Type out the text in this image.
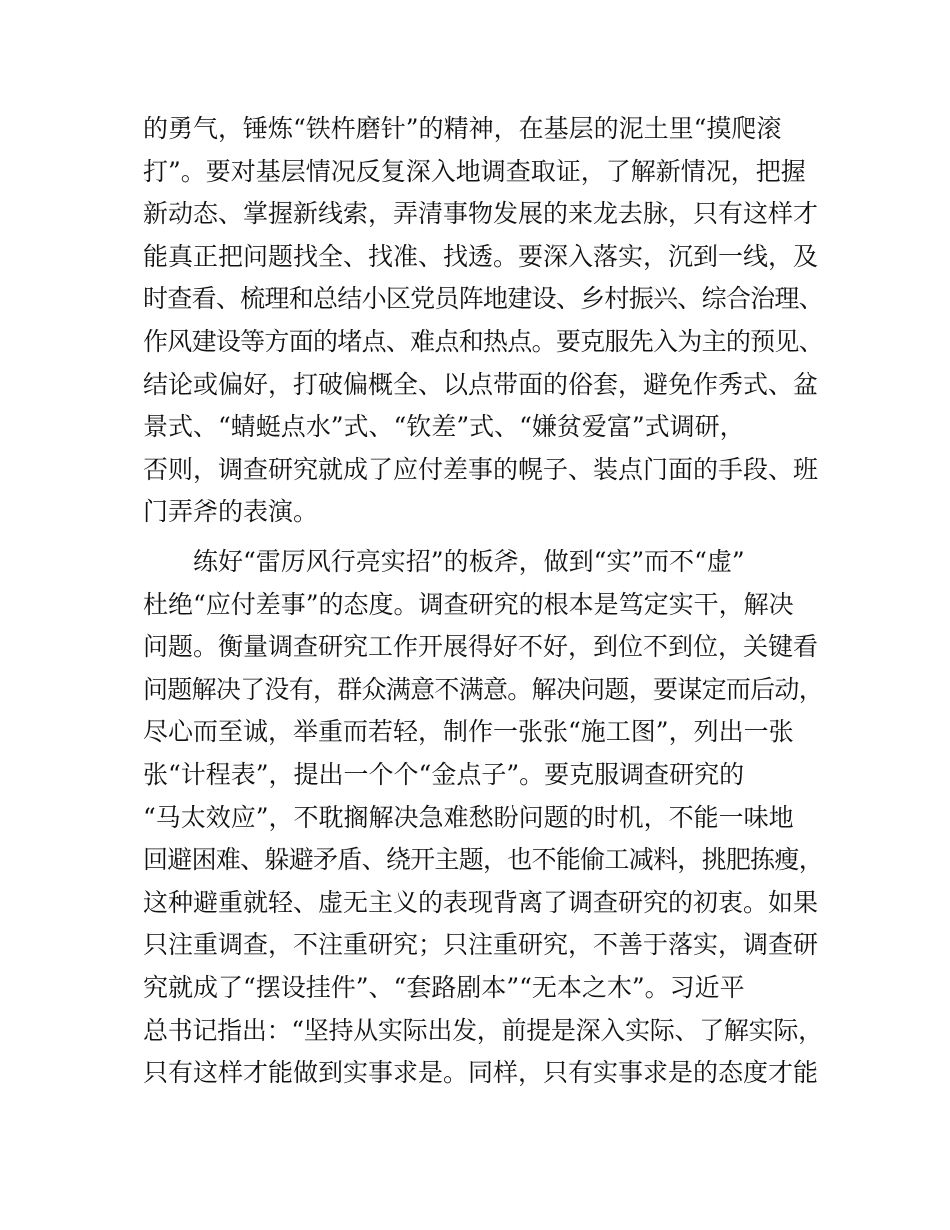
的勇气，锤炼“铁杵磨针”的精神，在基层的泥土里“摸爬滚
打”。要对基层情况反复深入地调查取证，了解新情况，把握
新动态、掌握新线索，弄清事物发展的来龙去脉，只有这样才
能真正把问题找全、找准、找透。要深入落实，沉到一线，及
时查看、梳理和总结小区党员阵地建设、乡村振兴、综合治理、
作风建设等方面的堵点、难点和热点。要克服先入为主的预见、
结论或偏好，打破偏概全、以点带面的俗套，避免作秀式、盆
景式、“蜻蜓点水”式、“钦差”式、“嫌贫爱富”式调研，
否则，调查研究就成了应付差事的幌子、装点门面的手段、班
门弄斧的表演。
　　练好“雷厉风行亮实招”的板斧，做到“实”而不“虚”
杜绝“应付差事”的态度。调查研究的根本是笃定实干，解决
问题。衡量调查研究工作开展得好不好，到位不到位，关键看
问题解决了没有，群众满意不满意。解决问题，要谋定而后动，
尽心而至诚，举重而若轻，制作一张张“施工图”，列出一张
张“计程表”，提出一个个“金点子”。要克服调查研究的
“马太效应”，不耽搁解决急难愁盼问题的时机，不能一味地
回避困难、躲避矛盾、绕开主题，也不能偷工减料，挑肥拣瘦，
这种避重就轻、虚无主义的表现背离了调查研究的初衷。如果
只注重调查，不注重研究；只注重研究，不善于落实，调查研
究就成了“摆设挂件”、“套路剧本”“无本之木”。习近平
总书记指出：“坚持从实际出发，前提是深入实际、了解实际，
只有这样才能做到实事求是。同样，只有实事求是的态度才能
